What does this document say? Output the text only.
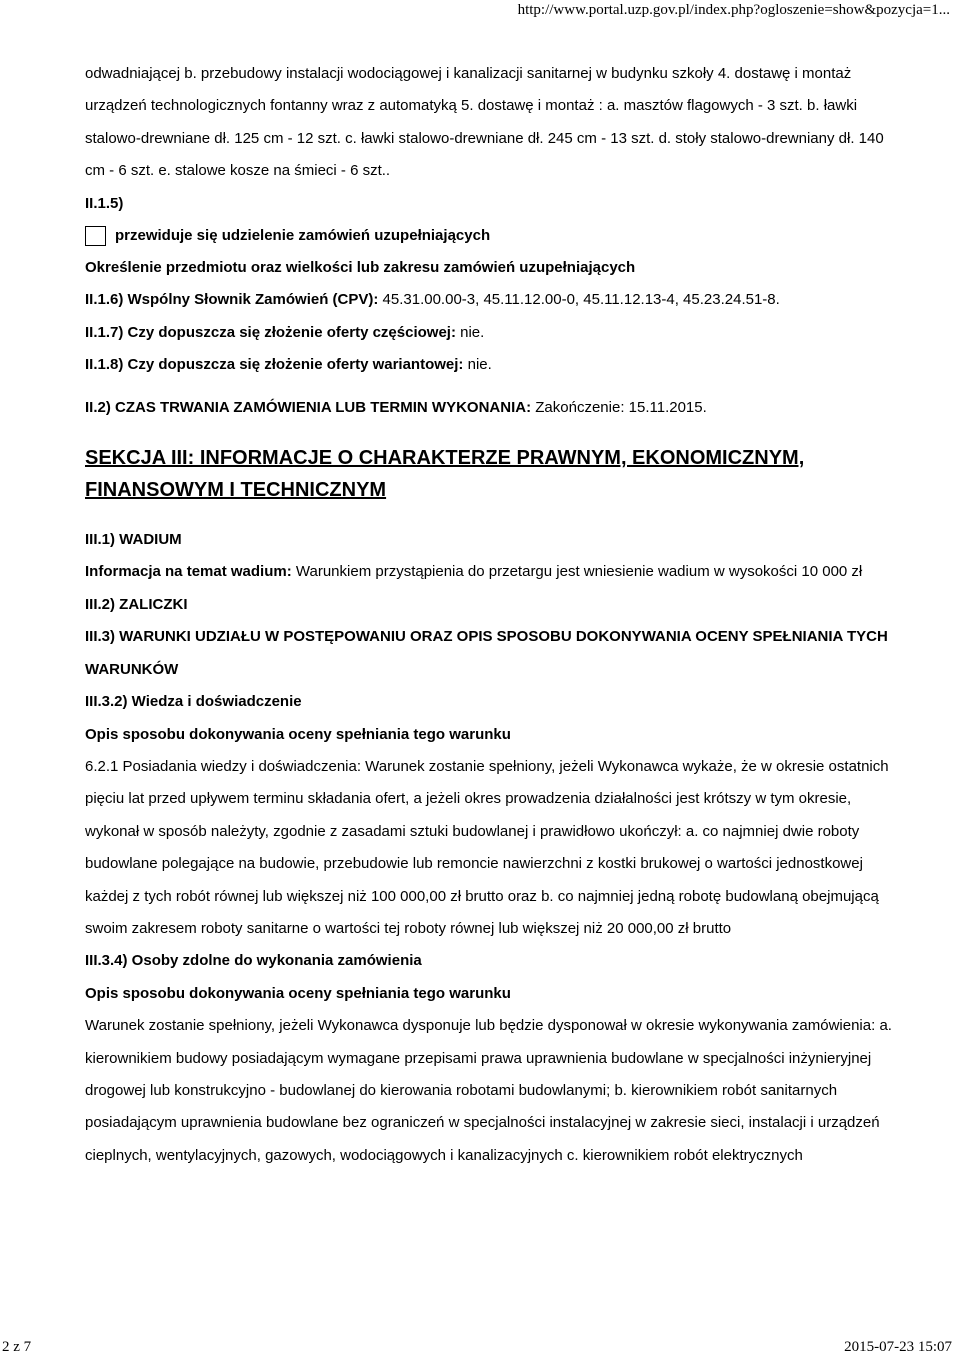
http://www.portal.uzp.gov.pl/index.php?ogloszenie=show&pozycja=1...

odwadniającej b. przebudowy instalacji wodociągowej i kanalizacji sanitarnej w budynku szkoły 4. dostawę i montaż urządzeń technologicznych fontanny wraz z automatyką 5. dostawę i montaż : a. masztów flagowych - 3 szt. b. ławki stalowo-drewniane dł. 125 cm - 12 szt. c. ławki stalowo-drewniane dł. 245 cm - 13 szt. d. stoły stalowo-drewniany dł. 140 cm - 6 szt. e. stalowe kosze na śmieci - 6 szt..

II.1.5)

przewiduje się udzielenie zamówień uzupełniających

Określenie przedmiotu oraz wielkości lub zakresu zamówień uzupełniających

II.1.6) Wspólny Słownik Zamówień (CPV): 45.31.00.00-3, 45.11.12.00-0, 45.11.12.13-4, 45.23.24.51-8.

II.1.7) Czy dopuszcza się złożenie oferty częściowej: nie.

II.1.8) Czy dopuszcza się złożenie oferty wariantowej: nie.

II.2) CZAS TRWANIA ZAMÓWIENIA LUB TERMIN WYKONANIA: Zakończenie: 15.11.2015.

SEKCJA III: INFORMACJE O CHARAKTERZE PRAWNYM, EKONOMICZNYM, FINANSOWYM I TECHNICZNYM

III.1) WADIUM

Informacja na temat wadium: Warunkiem przystąpienia do przetargu jest wniesienie wadium w wysokości 10 000 zł

III.2) ZALICZKI

III.3) WARUNKI UDZIAŁU W POSTĘPOWANIU ORAZ OPIS SPOSOBU DOKONYWANIA OCENY SPEŁNIANIA TYCH WARUNKÓW

III.3.2) Wiedza i doświadczenie

Opis sposobu dokonywania oceny spełniania tego warunku

6.2.1 Posiadania wiedzy i doświadczenia: Warunek zostanie spełniony, jeżeli Wykonawca wykaże, że w okresie ostatnich pięciu lat przed upływem terminu składania ofert, a jeżeli okres prowadzenia działalności jest krótszy w tym okresie, wykonał w sposób należyty, zgodnie z zasadami sztuki budowlanej i prawidłowo ukończył: a. co najmniej dwie roboty budowlane polegające na budowie, przebudowie lub remoncie nawierzchni z kostki brukowej o wartości jednostkowej każdej z tych robót równej lub większej niż 100 000,00 zł brutto oraz b. co najmniej jedną robotę budowlaną obejmującą swoim zakresem roboty sanitarne o wartości tej roboty równej lub większej niż 20 000,00 zł brutto

III.3.4) Osoby zdolne do wykonania zamówienia

Opis sposobu dokonywania oceny spełniania tego warunku

Warunek zostanie spełniony, jeżeli Wykonawca dysponuje lub będzie dysponował w okresie wykonywania zamówienia: a. kierownikiem budowy posiadającym wymagane przepisami prawa uprawnienia budowlane w specjalności inżynieryjnej drogowej lub konstrukcyjno - budowlanej do kierowania robotami budowlanymi; b. kierownikiem robót sanitarnych posiadającym uprawnienia budowlane bez ograniczeń w specjalności instalacyjnej w zakresie sieci, instalacji i urządzeń cieplnych, wentylacyjnych, gazowych, wodociągowych i kanalizacyjnych c. kierownikiem robót elektrycznych

2 z 7	2015-07-23 15:07
